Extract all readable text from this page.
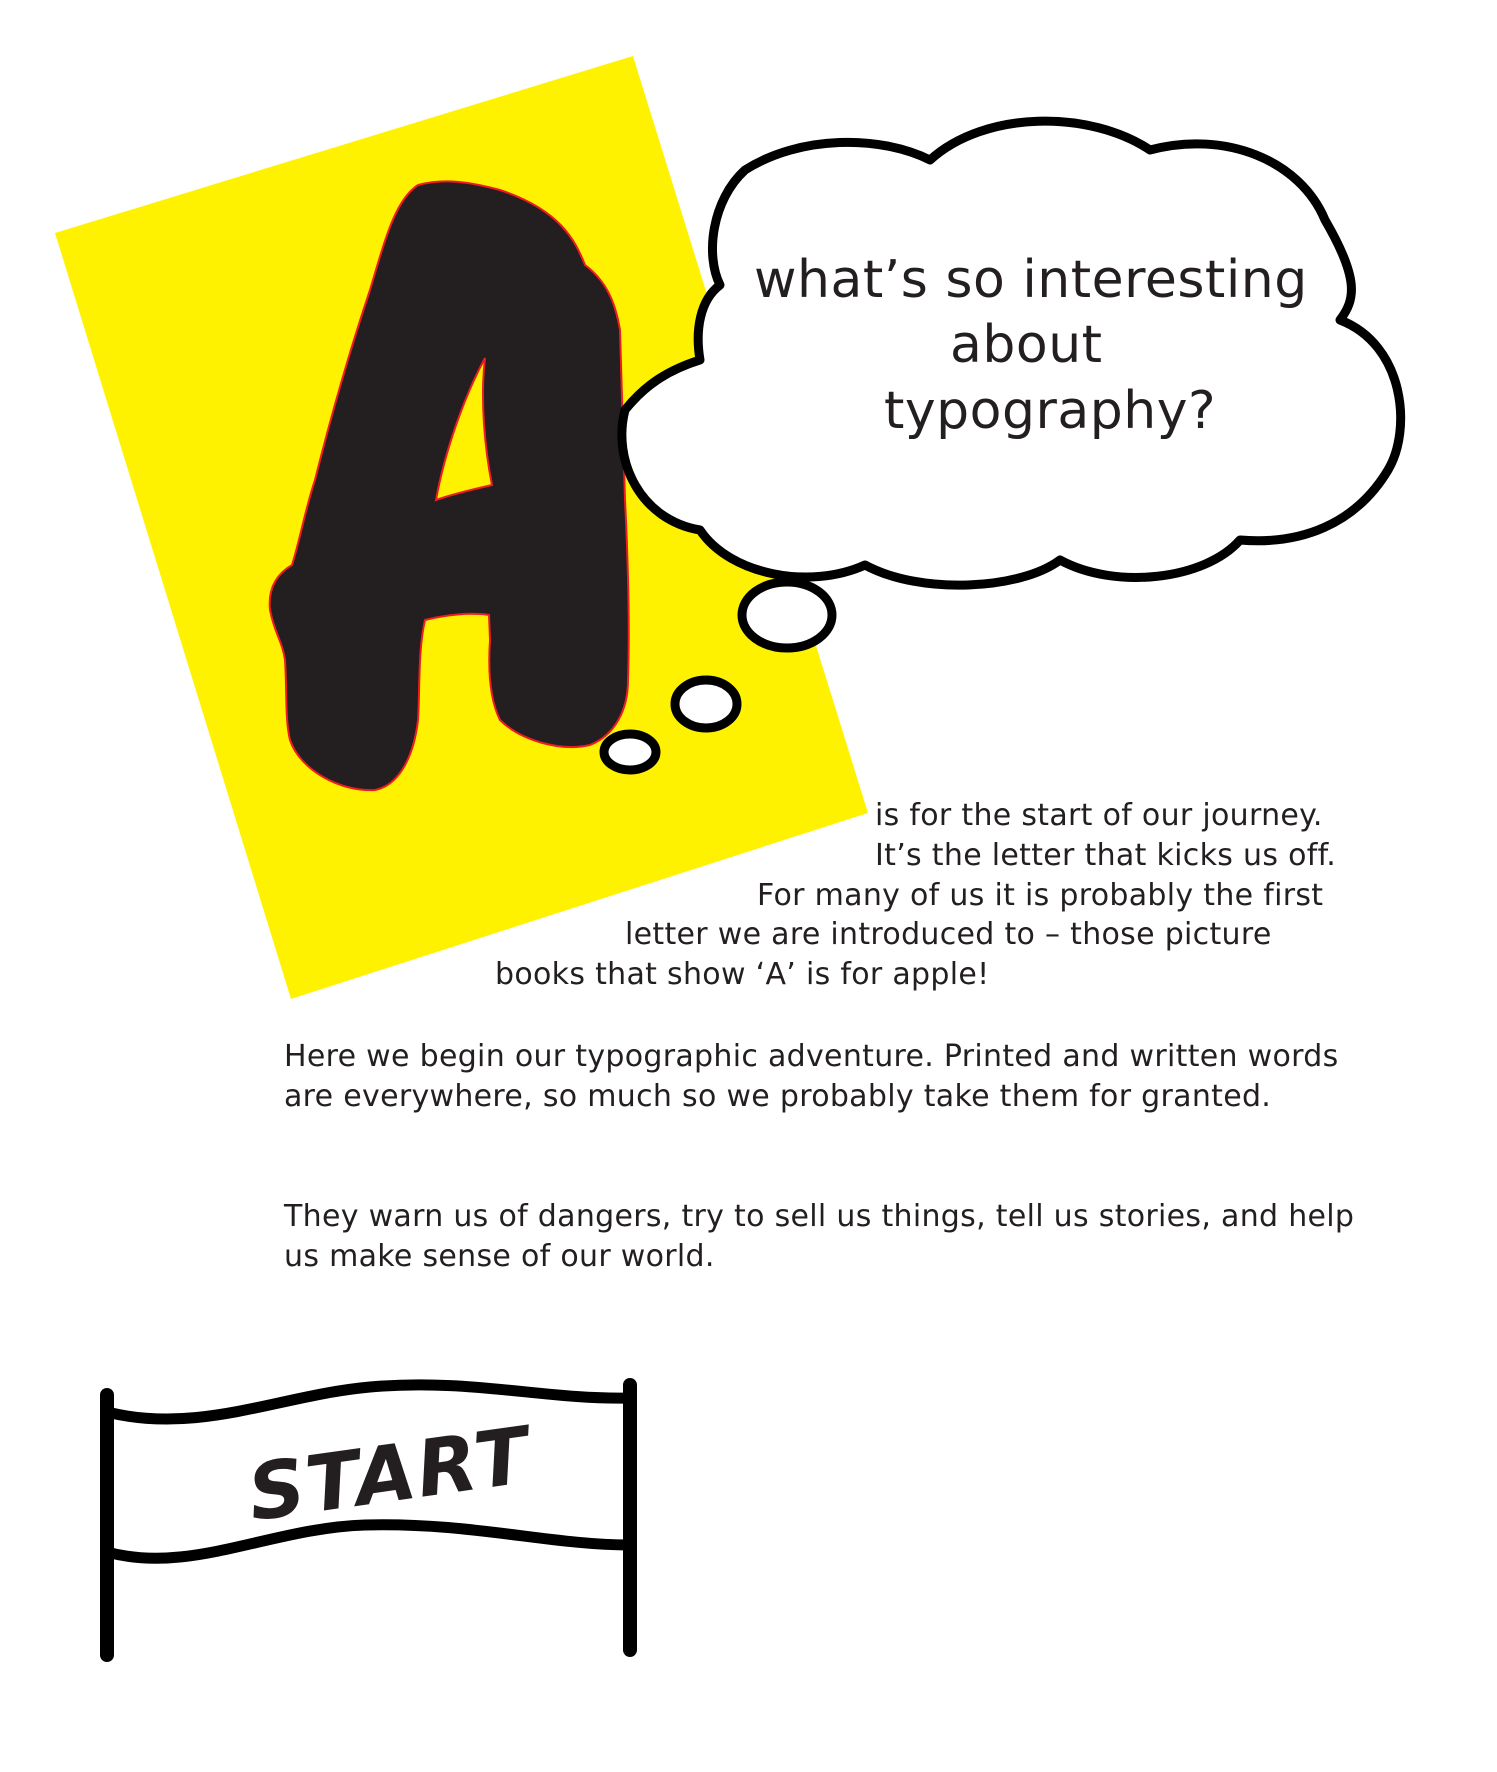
START
what’s so interesting
about
typography?
is for the start of our journey.
It’s the letter that kicks us off.
For many of us it is probably the first
letter we are introduced to – those picture
books that show ‘A’ is for apple!

Here we begin our typographic adventure. Printed and written words are everywhere, so much so we probably take them for granted.

They warn us of dangers, try to sell us things, tell us stories, and help us make sense of our world.
